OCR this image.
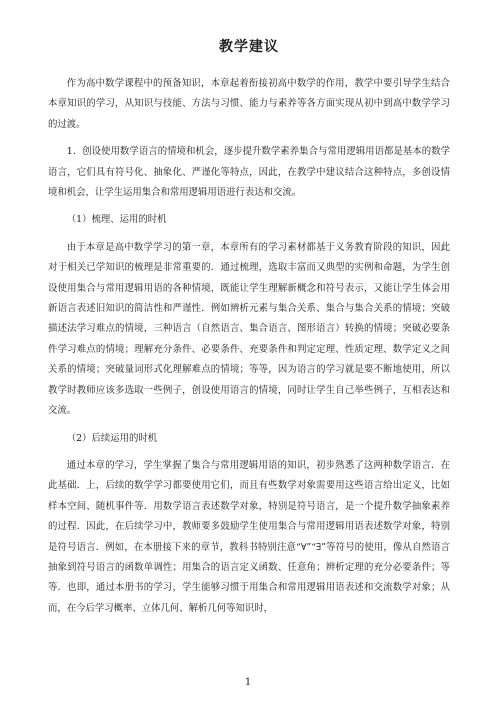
教学建议

作为高中数学课程中的预备知识，本章起着衔接初高中数学的作用，教学中要引导学生结合本章知识的学习，从知识与技能、方法与习惯、能力与素养等各方面实现从初中到高中数学学习的过渡。

1．创设使用数学语言的情境和机会，逐步提升数学素养集合与常用逻辑用语都是基本的数学语言，它们具有符号化、抽象化、严谨化等特点，因此，在教学中建议结合这种特点，多创设情境和机会，让学生运用集合和常用逻辑用语进行表达和交流。

（1）梳理、运用的时机

由于本章是高中数学学习的第一章，本章所有的学习素材都基于义务教育阶段的知识，因此对于相关已学知识的梳理是非常重要的．通过梳理，选取丰富而又典型的实例和命题，为学生创设使用集合与常用逻辑用语的各种情境，既能让学生理解新概念和符号表示，又能让学生体会用新语言表述旧知识的简洁性和严谨性．例如辨析元素与集合关系、集合与集合关系的情境；突破描述法学习难点的情境，三种语言（自然语言、集合语言、图形语言）转换的情境；突破必要条件学习难点的情境；理解充分条件、必要条件、充要条件和判定定理、性质定理、数学定义之间关系的情境；突破量词形式化理解难点的情境；等等，因为语言的学习就是要不断地使用，所以教学时教师应该多选取一些例子，创设使用语言的情境，同时让学生自己举些例子，互相表达和交流。

（2）后续运用的时机

通过本章的学习，学生掌握了集合与常用逻辑用语的知识，初步熟悉了这两种数学语言．在此基础．上，后续的数学学习都要使用它们，而且有些数学对象需要用这些语言给出定义，比如样本空间、随机事件等．用数学语言表述数学对象，特别是符号语言，是一个提升数学抽象素养的过程．因此，在后续学习中，教师要多鼓励学生使用集合与常用逻辑用语表述数学对象，特别是符号语言．例如，在本册接下来的章节，教科书特别注意“∀”“∃”等符号的使用，像从自然语言抽象到符号语言的函数单调性；用集合的语言定义函数、任意角；辨析定理的充分必要条件；等等．也即，通过本册书的学习，学生能够习惯于用集合和常用逻辑用语表述和交流数学对象；从而，在今后学习概率、立体几何、解析几何等知识时，

1
